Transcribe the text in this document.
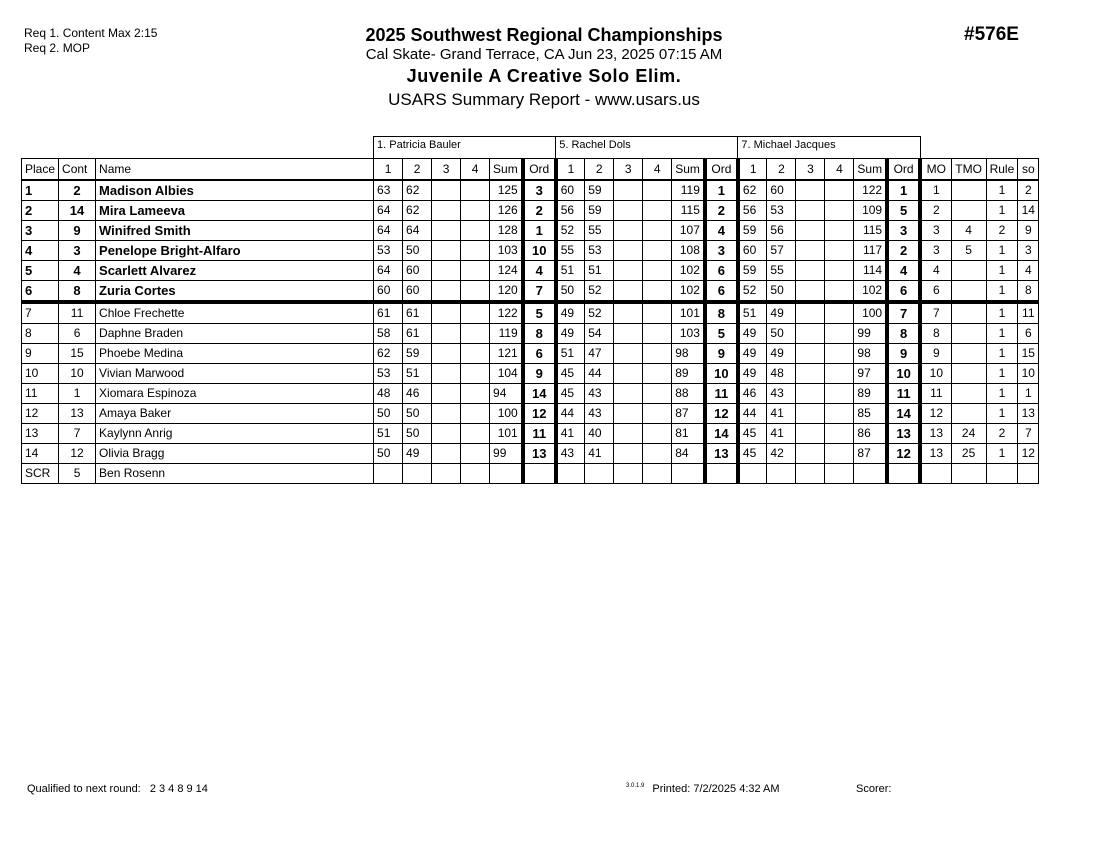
Req 1. Content Max 2:15
Req 2. MOP
2025 Southwest Regional Championships
Cal Skate- Grand Terrace, CA Jun 23, 2025 07:15 AM
Juvenile A Creative Solo Elim.
USARS Summary Report - www.usars.us
#576E
			1. Patricia Bauler						5. Rachel Dols						7. Michael Jacques									
Place	Cont	Name	1	2	3	4	Sum	Ord	1	2	3	4	Sum	Ord	1	2	3	4	Sum	Ord	MO	TMO	Rule	so
1	2	Madison Albies	63	62			125	3	60	59			119	1	62	60			122	1	1		1	2
2	14	Mira Lameeva	64	62			126	2	56	59			115	2	56	53			109	5	2		1	14
3	9	Winifred Smith	64	64			128	1	52	55			107	4	59	56			115	3	3	4	2	9
4	3	Penelope Bright-Alfaro	53	50			103	10	55	53			108	3	60	57			117	2	3	5	1	3
5	4	Scarlett Alvarez	64	60			124	4	51	51			102	6	59	55			114	4	4		1	4
6	8	Zuria Cortes	60	60			120	7	50	52			102	6	52	50			102	6	6		1	8
7	11	Chloe Frechette	61	61			122	5	49	52			101	8	51	49			100	7	7		1	11
8	6	Daphne Braden	58	61			119	8	49	54			103	5	49	50			99	8	8		1	6
9	15	Phoebe Medina	62	59			121	6	51	47			98	9	49	49			98	9	9		1	15
10	10	Vivian Marwood	53	51			104	9	45	44			89	10	49	48			97	10	10		1	10
11	1	Xiomara Espinoza	48	46			94	14	45	43			88	11	46	43			89	11	11		1	1
12	13	Amaya Baker	50	50			100	12	44	43			87	12	44	41			85	14	12		1	13
13	7	Kaylynn Anrig	51	50			101	11	41	40			81	14	45	41			86	13	13	24	2	7
14	12	Olivia Bragg	50	49			99	13	43	41			84	13	45	42			87	12	13	25	1	12
SCR	5	Ben Rosenn																						
Qualified to next round: 2 3 4 8 9 14	$^{3.0.1.9}$ Printed: 7/2/2025 4:32 AM	Scorer:
